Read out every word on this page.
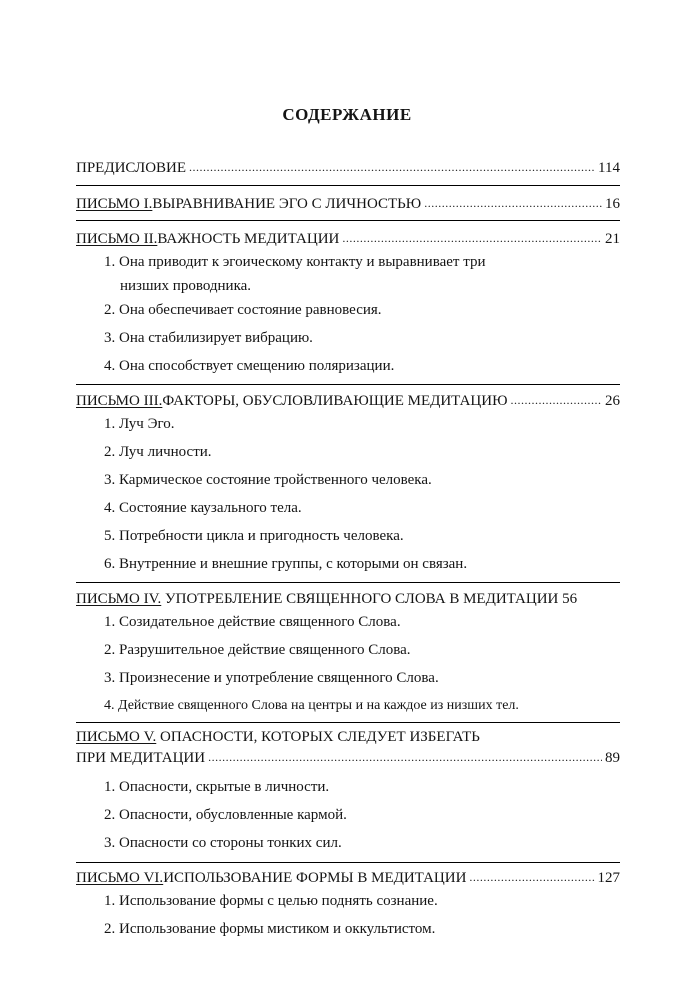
СОДЕРЖАНИЕ
ПРЕДИСЛОВИЕ .....	114
ПИСЬМО I. ВЫРАВНИВАНИЕ ЭГО С ЛИЧНОСТЬЮ .....	16
ПИСЬМО II. ВАЖНОСТЬ МЕДИТАЦИИ .....	21
1. Она приводит к эгоическому контакту и выравнивает три
низших проводника.
2. Она обеспечивает состояние равновесия.
3. Она стабилизирует вибрацию.
4. Она способствует смещению поляризации.
ПИСЬМО III. ФАКТОРЫ, ОБУСЛОВЛИВАЮЩИЕ МЕДИТАЦИЮ .....	26
1. Луч Эго.
2. Луч личности.
3. Кармическое состояние тройственного человека.
4. Состояние каузального тела.
5. Потребности цикла и пригодность человека.
6. Внутренние и внешние группы, с которыми он связан.
ПИСЬМО IV. УПОТРЕБЛЕНИЕ СВЯЩЕННОГО СЛОВА В МЕДИТАЦИИ 56
1. Созидательное действие священного Слова.
2. Разрушительное действие священного Слова.
3. Произнесение и употребление священного Слова.
4. Действие священного Слова на центры и на каждое из низших тел.
ПИСЬМО V. ОПАСНОСТИ, КОТОРЫХ СЛЕДУЕТ ИЗБЕГАТЬ
ПРИ МЕДИТАЦИИ .....	89
1. Опасности, скрытые в личности.
2. Опасности, обусловленные кармой.
3. Опасности со стороны тонких сил.
ПИСЬМО VI. ИСПОЛЬЗОВАНИЕ ФОРМЫ В МЕДИТАЦИИ .....	127
1. Использование формы с целью поднять сознание.
2. Использование формы мистиком и оккультистом.
